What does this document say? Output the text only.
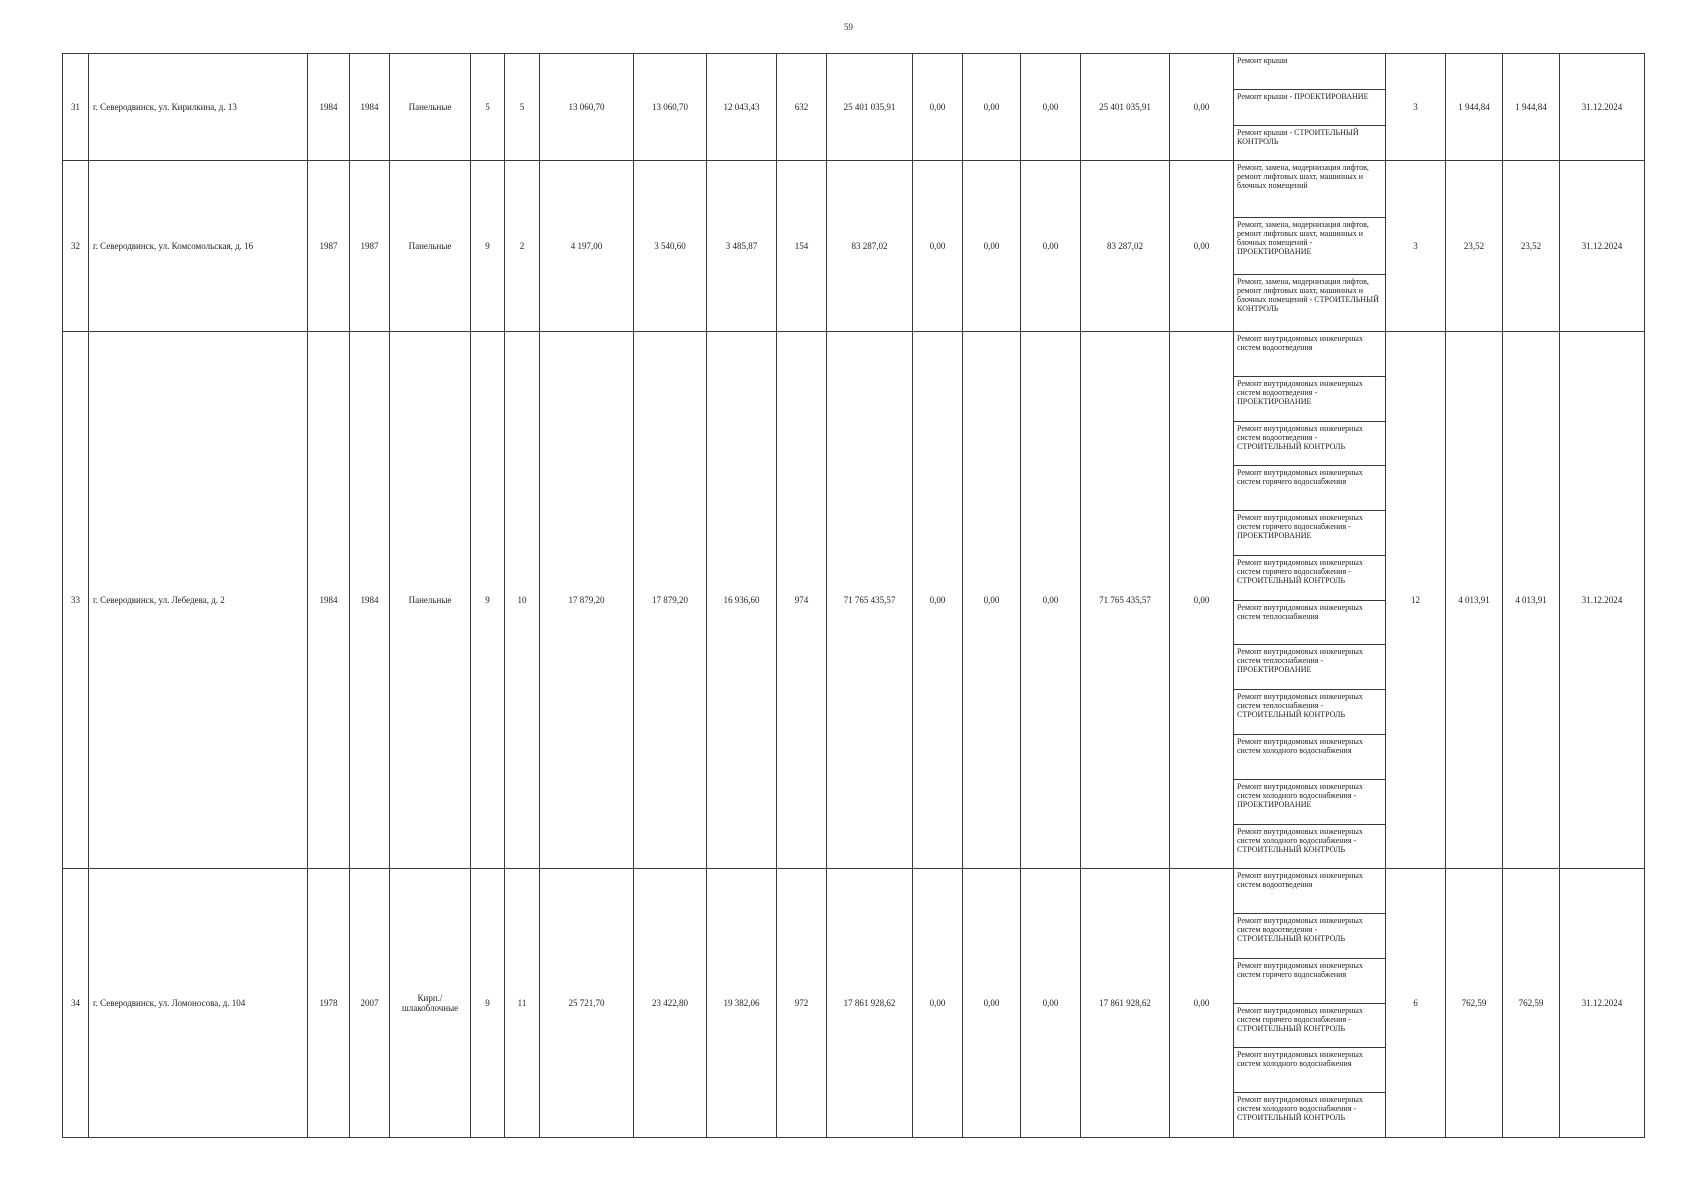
59
31	г. Северодвинск, ул. Кирилкина, д. 13	1984	1984	Панельные	5	5	13 060,70	13 060,70	12 043,43	632	25 401 035,91	0,00	0,00	0,00	25 401 035,91	0,00	Ремонт крыши	3	1 944,84	1 944,84	31.12.2024
																	Ремонт крыши - ПРОЕКТИРОВАНИЕ				
																	Ремонт крыши - СТРОИТЕЛЬНЫЙ КОНТРОЛЬ				
32	г. Северодвинск, ул. Комсомольская, д. 16	1987	1987	Панельные	9	2	4 197,00	3 540,60	3 485,87	154	83 287,02	0,00	0,00	0,00	83 287,02	0,00	Ремонт, замена, модернизация лифтов, ремонт лифтовых шахт, машинных и блочных помещений	3	23,52	23,52	31.12.2024
																	Ремонт, замена, модернизация лифтов, ремонт лифтовых шахт, машинных и блочных помещений - ПРОЕКТИРОВАНИЕ				
																	Ремонт, замена, модернизация лифтов, ремонт лифтовых шахт, машинных и блочных помещений - СТРОИТЕЛЬНЫЙ КОНТРОЛЬ				
33	г. Северодвинск, ул. Лебедева, д. 2	1984	1984	Панельные	9	10	17 879,20	17 879,20	16 936,60	974	71 765 435,57	0,00	0,00	0,00	71 765 435,57	0,00	Ремонт внутридомовых инженерных систем водоотведения	12	4 013,91	4 013,91	31.12.2024
																	Ремонт внутридомовых инженерных систем водоотведения - ПРОЕКТИРОВАНИЕ				
																	Ремонт внутридомовых инженерных систем водоотведения - СТРОИТЕЛЬНЫЙ КОНТРОЛЬ				
																	Ремонт внутридомовых инженерных систем горячего водоснабжения				
																	Ремонт внутридомовых инженерных систем горячего водоснабжения - ПРОЕКТИРОВАНИЕ				
																	Ремонт внутридомовых инженерных систем горячего водоснабжения - СТРОИТЕЛЬНЫЙ КОНТРОЛЬ				
																	Ремонт внутридомовых инженерных систем теплоснабжения				
																	Ремонт внутридомовых инженерных систем теплоснабжения - ПРОЕКТИРОВАНИЕ				
																	Ремонт внутридомовых инженерных систем теплоснабжения - СТРОИТЕЛЬНЫЙ КОНТРОЛЬ				
																	Ремонт внутридомовых инженерных систем холодного водоснабжения				
																	Ремонт внутридомовых инженерных систем холодного водоснабжения - ПРОЕКТИРОВАНИЕ				
																	Ремонт внутридомовых инженерных систем холодного водоснабжения - СТРОИТЕЛЬНЫЙ КОНТРОЛЬ				
34	г. Северодвинск, ул. Ломоносова, д. 104	1978	2007	Кирп./ шлакоблочные	9	11	25 721,70	23 422,80	19 382,06	972	17 861 928,62	0,00	0,00	0,00	17 861 928,62	0,00	Ремонт внутридомовых инженерных систем водоотведения	6	762,59	762,59	31.12.2024
																	Ремонт внутридомовых инженерных систем водоотведения - СТРОИТЕЛЬНЫЙ КОНТРОЛЬ				
																	Ремонт внутридомовых инженерных систем горячего водоснабжения				
																	Ремонт внутридомовых инженерных систем горячего водоснабжения - СТРОИТЕЛЬНЫЙ КОНТРОЛЬ				
																	Ремонт внутридомовых инженерных систем холодного водоснабжения				
																	Ремонт внутридомовых инженерных систем холодного водоснабжения - СТРОИТЕЛЬНЫЙ КОНТРОЛЬ				
